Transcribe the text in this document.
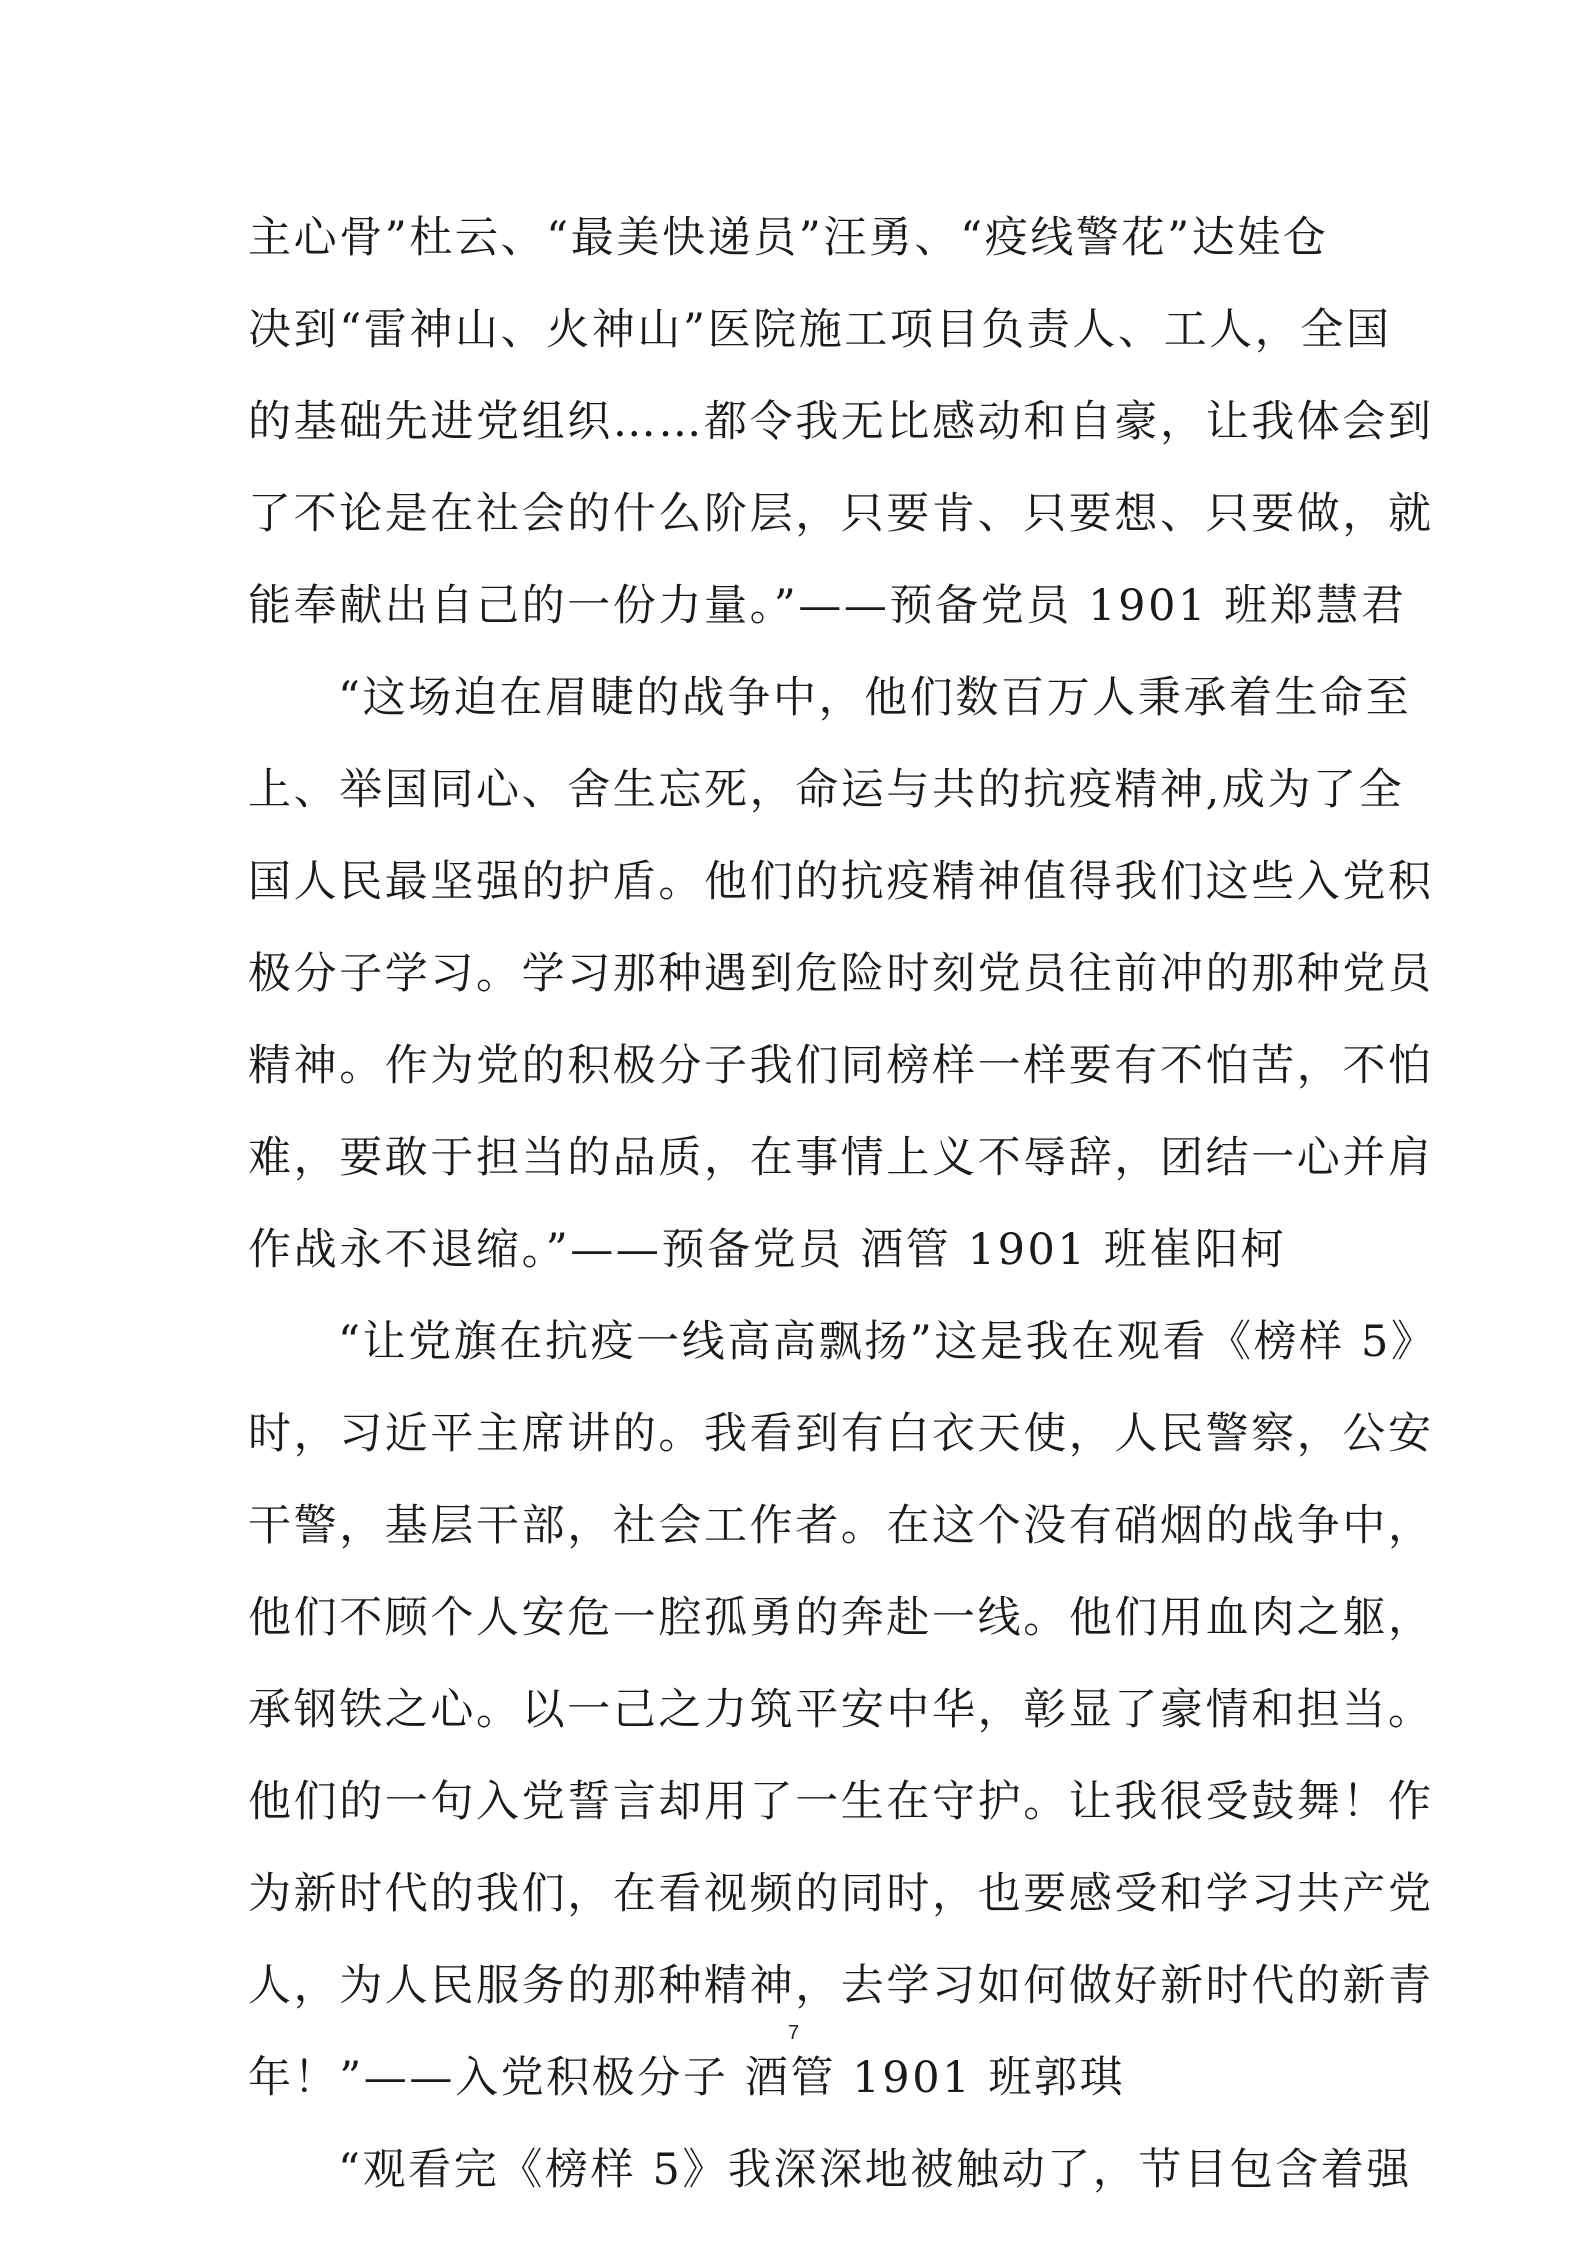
主心骨”杜云、“最美快递员”汪勇、“疫线警花”达娃仓
决到“雷神山、火神山”医院施工项目负责人、工人，全国
的基础先进党组织……都令我无比感动和自豪，让我体会到
了不论是在社会的什么阶层，只要肯、只要想、只要做，就
能奉献出自己的一份力量。”——预备党员 1901 班郑慧君
“这场迫在眉睫的战争中，他们数百万人秉承着生命至
上、举国同心、舍生忘死，命运与共的抗疫精神,成为了全
国人民最坚强的护盾。他们的抗疫精神值得我们这些入党积
极分子学习。学习那种遇到危险时刻党员往前冲的那种党员
精神。作为党的积极分子我们同榜样一样要有不怕苦，不怕
难，要敢于担当的品质，在事情上义不辱辞，团结一心并肩
作战永不退缩。”——预备党员 酒管 1901 班崔阳柯
“让党旗在抗疫一线高高飘扬”这是我在观看《榜样 5》
时，习近平主席讲的。我看到有白衣天使，人民警察，公安
干警，基层干部，社会工作者。在这个没有硝烟的战争中，
他们不顾个人安危一腔孤勇的奔赴一线。他们用血肉之躯，
承钢铁之心。以一己之力筑平安中华，彰显了豪情和担当。
他们的一句入党誓言却用了一生在守护。让我很受鼓舞！作
为新时代的我们，在看视频的同时，也要感受和学习共产党
人，为人民服务的那种精神，去学习如何做好新时代的新青
年！”——入党积极分子 酒管 1901 班郭琪
“观看完《榜样 5》我深深地被触动了，节目包含着强
7
